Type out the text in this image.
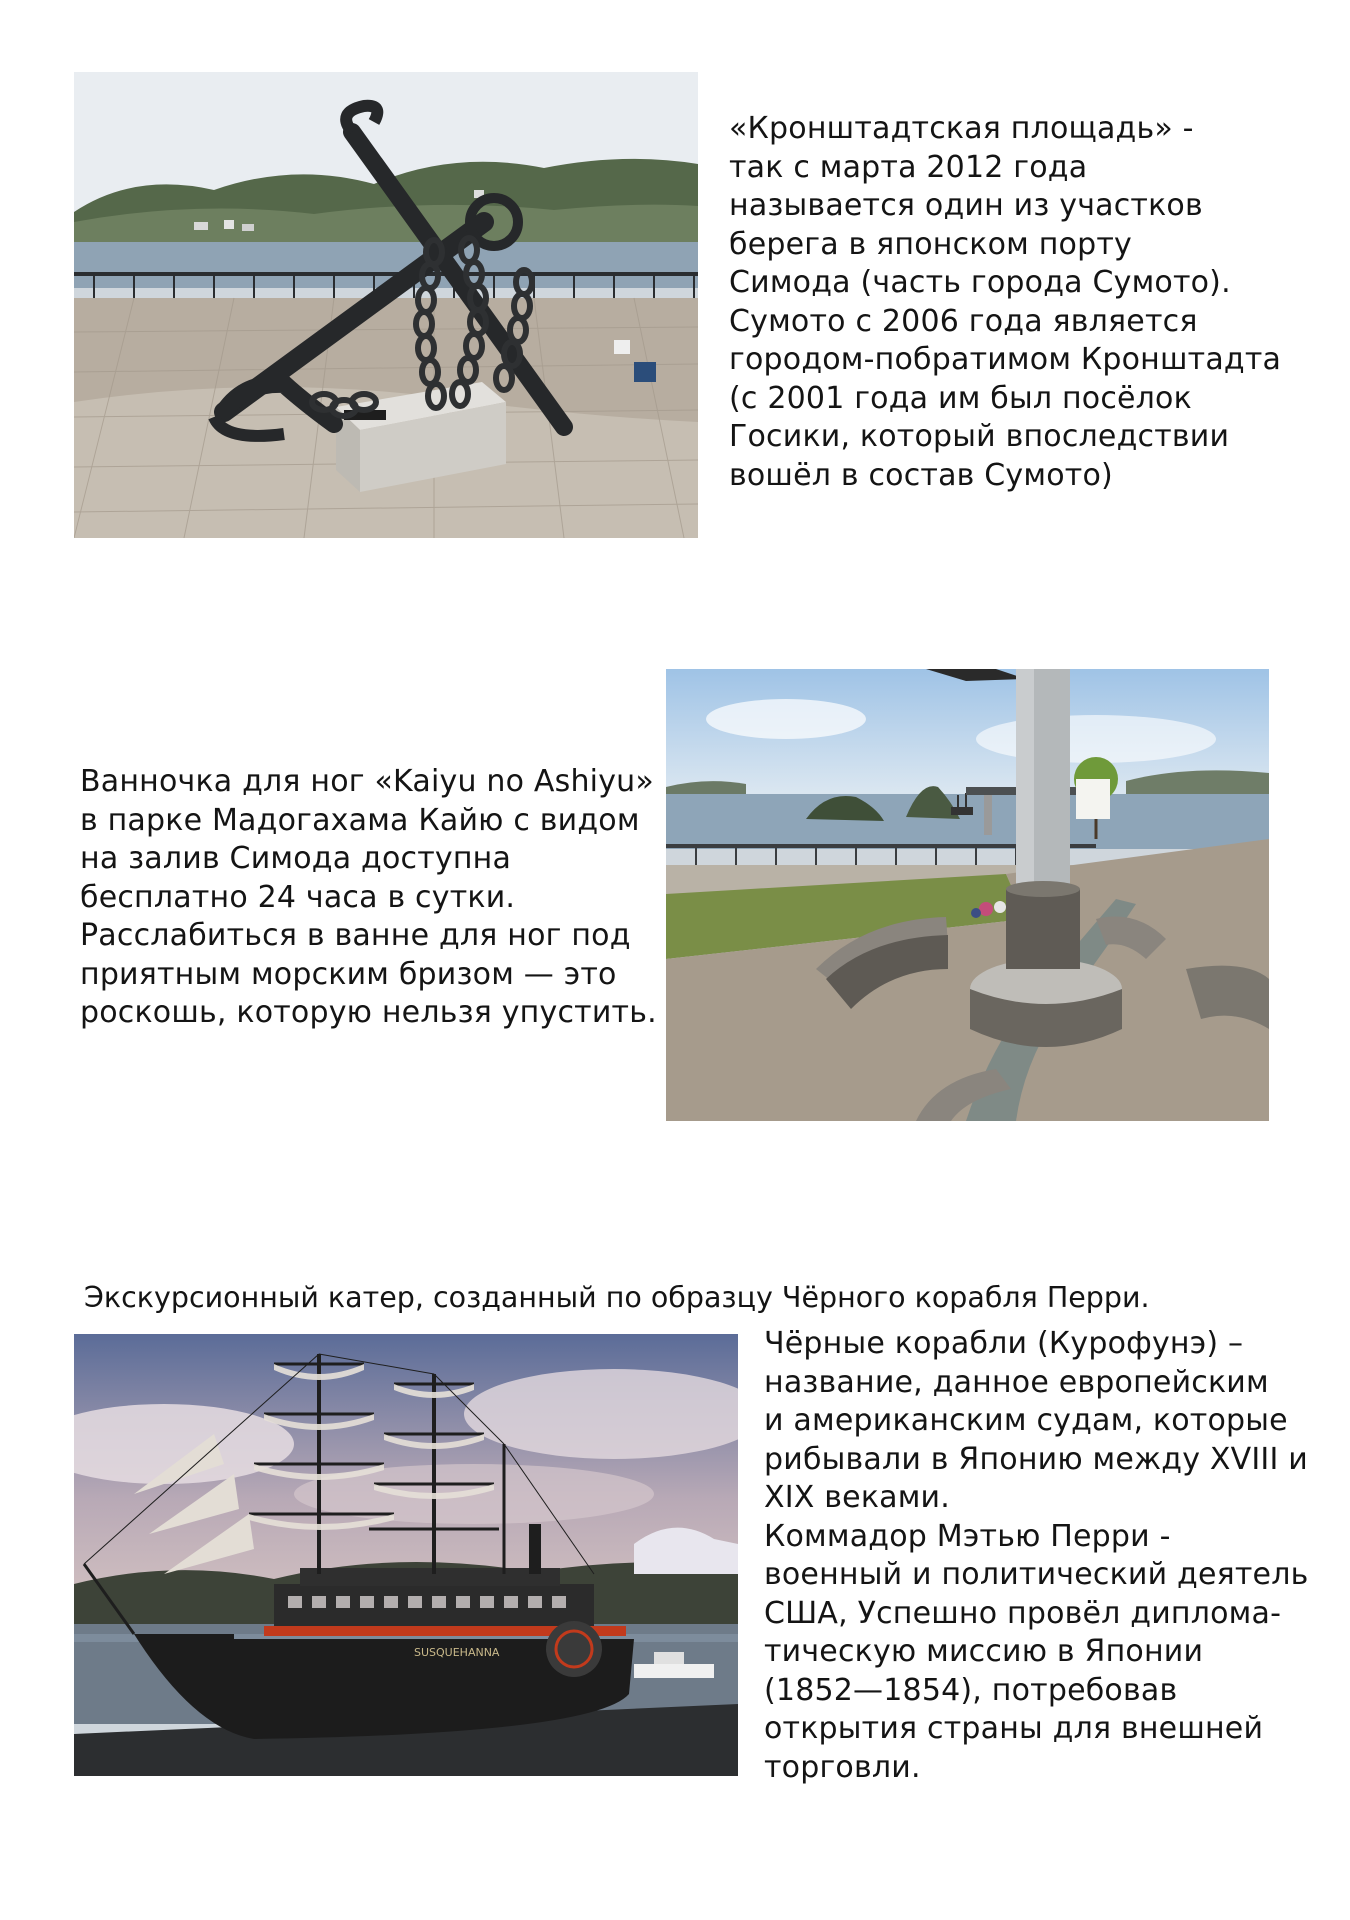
«Кронштадтская площадь» -
так с марта 2012 года
называется один из участков
берега в японском порту
Симода (часть города Сумото).
Сумото с 2006 года является
городом-побратимом Кронштадта
(с 2001 года им был посёлок
Госики, который впоследствии
вошёл в состав Сумото)
Ванночка для ног «Kaiyu no Ashiyu»
в парке Мадогахама Кайю с видом
на залив Симода доступна
бесплатно 24 часа в сутки.
Расслабиться в ванне для ног под
приятным морским бризом — это
роскошь, которую нельзя упустить.
Экскурсионный катер, созданный по образцу Чёрного корабля Перри.
SUSQUEHANNA
Чёрные корабли (Курофунэ) –
название, данное европейским
и американским судам, которые
рибывали в Японию между XVIII и
XIX веками.
Коммадор Мэтью Перри -
военный и политический деятель
США, Успешно провёл диплома-
тическую миссию в Японии
(1852—1854), потребовав
открытия страны для внешней
торговли.
